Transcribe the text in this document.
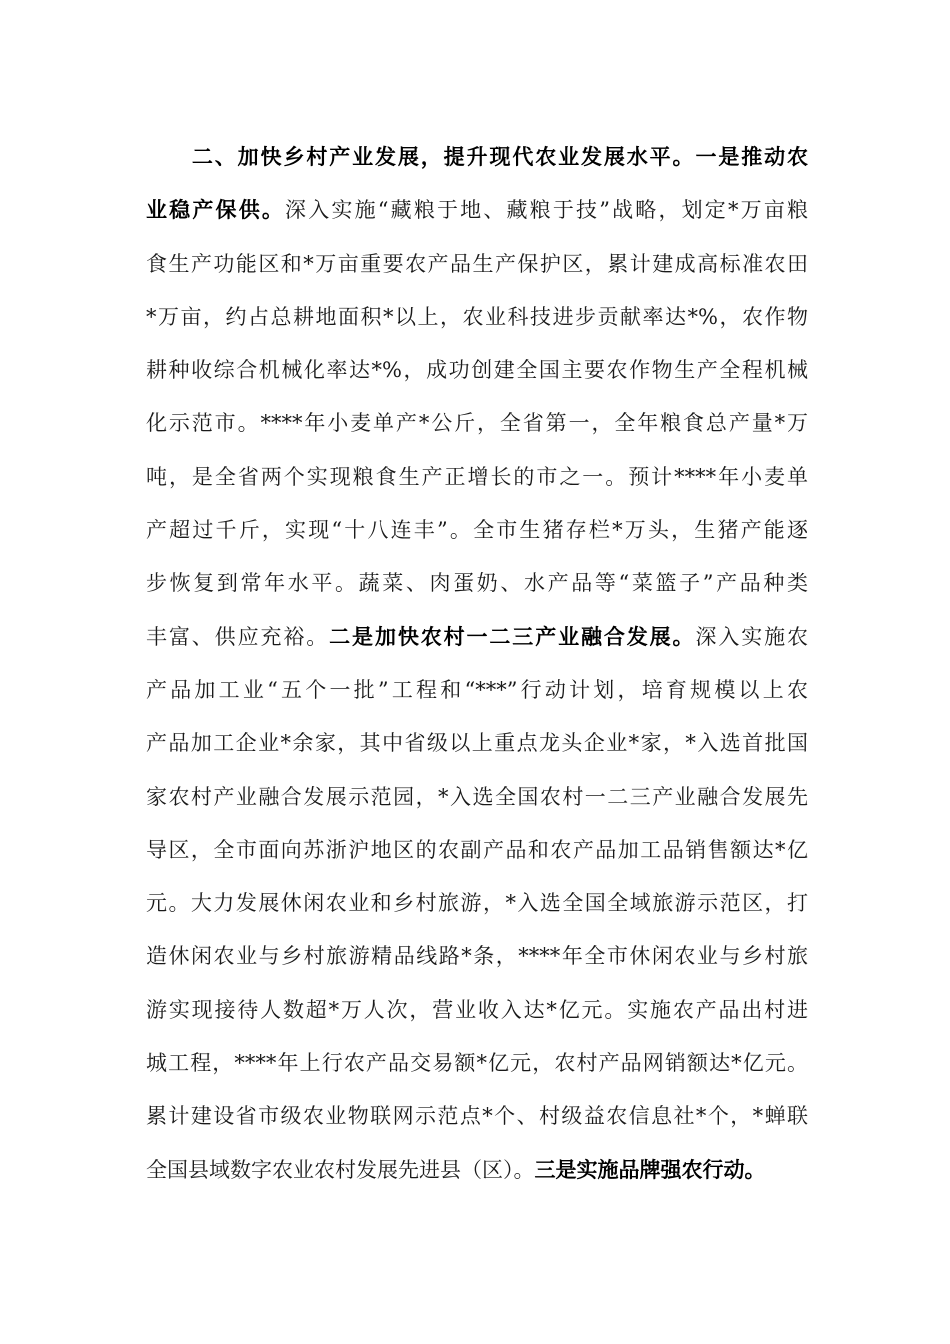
二、加快乡村产业发展，提升现代农业发展水平。一是推动农
业稳产保供。深入实施“藏粮于地、藏粮于技”战略，划定*万亩粮
食生产功能区和*万亩重要农产品生产保护区，累计建成高标准农田
*万亩，约占总耕地面积*以上，农业科技进步贡献率达*%，农作物
耕种收综合机械化率达*%，成功创建全国主要农作物生产全程机械
化示范市。****年小麦单产*公斤，全省第一，全年粮食总产量*万
吨，是全省两个实现粮食生产正增长的市之一。预计****年小麦单
产超过千斤，实现“十八连丰”。全市生猪存栏*万头，生猪产能逐
步恢复到常年水平。蔬菜、肉蛋奶、水产品等“菜篮子”产品种类
丰富、供应充裕。二是加快农村一二三产业融合发展。深入实施农
产品加工业“五个一批”工程和“***”行动计划，培育规模以上农
产品加工企业*余家，其中省级以上重点龙头企业*家，*入选首批国
家农村产业融合发展示范园，*入选全国农村一二三产业融合发展先
导区，全市面向苏浙沪地区的农副产品和农产品加工品销售额达*亿
元。大力发展休闲农业和乡村旅游，*入选全国全域旅游示范区，打
造休闲农业与乡村旅游精品线路*条，****年全市休闲农业与乡村旅
游实现接待人数超*万人次，营业收入达*亿元。实施农产品出村进
城工程，****年上行农产品交易额*亿元，农村产品网销额达*亿元。
累计建设省市级农业物联网示范点*个、村级益农信息社*个，*蝉联
全国县域数字农业农村发展先进县（区）。三是实施品牌强农行动。
